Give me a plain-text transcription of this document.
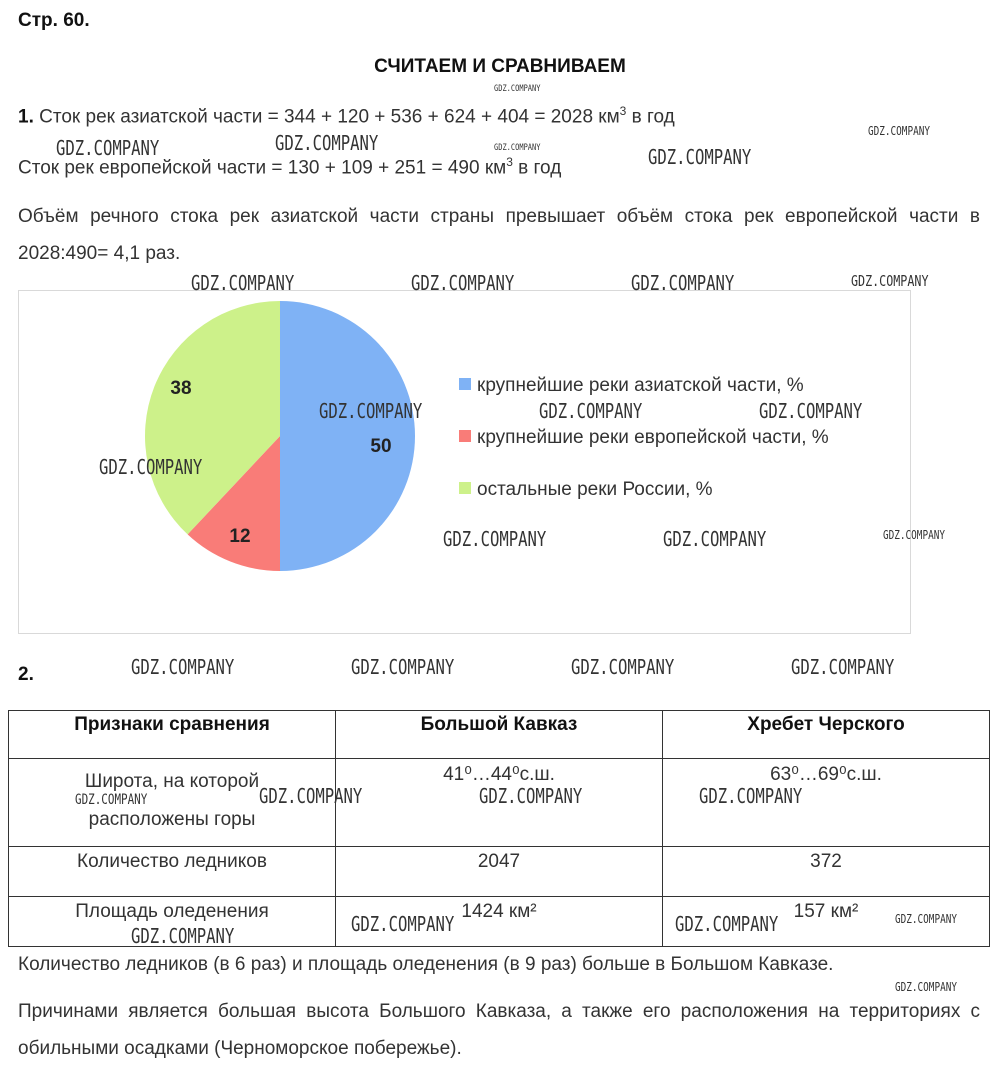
Стр. 60.
СЧИТАЕМ И СРАВНИВАЕМ
1. Сток рек азиатской части = 344 + 120 + 536 + 624 + 404 = 2028 $км^3$ в год
Сток рек европейской части = 130 + 109 + 251 = 490 $км^3$ в год
Объём речного стока рек азиатской части страны превышает объём стока рек европейской части в 2028:490= 4,1 раз.
50
12
38	крупнейшие реки азиатской части, %
крупнейшие реки европейской части, %
остальные реки России, %
2.
Признаки сравнения	Большой Кавказ	Хребет Черского
Широта, на которой расположены горы	41⁰…44⁰с.ш.	63⁰…69⁰с.ш.
Количество ледников	2047	372
Площадь оледенения	1424 км²	157 км²
Количество ледников (в 6 раз) и площадь оледенения (в 9 раз) больше в Большом Кавказе.
Причинами является большая высота Большого Кавказа, а также его расположения на территориях с обильными осадками (Черноморское побережье).
GDZ.COMPANY	GDZ.COMPANY
GDZ.COMPANY
GDZ.COMPANY
GDZ.COMPANY
GDZ.COMPANY
GDZ.COMPANY	GDZ.COMPANY	GDZ.COMPANY	GDZ.COMPANY
GDZ.COMPANY	GDZ.COMPANY	GDZ.COMPANY
GDZ.COMPANY
GDZ.COMPANY	GDZ.COMPANY	GDZ.COMPANY
GDZ.COMPANY	GDZ.COMPANY	GDZ.COMPANY	GDZ.COMPANY
GDZ.COMPANY	GDZ.COMPANY	GDZ.COMPANY	GDZ.COMPANY
GDZ.COMPANY	GDZ.COMPANY
GDZ.COMPANY
GDZ.COMPANY
GDZ.COMPANY
